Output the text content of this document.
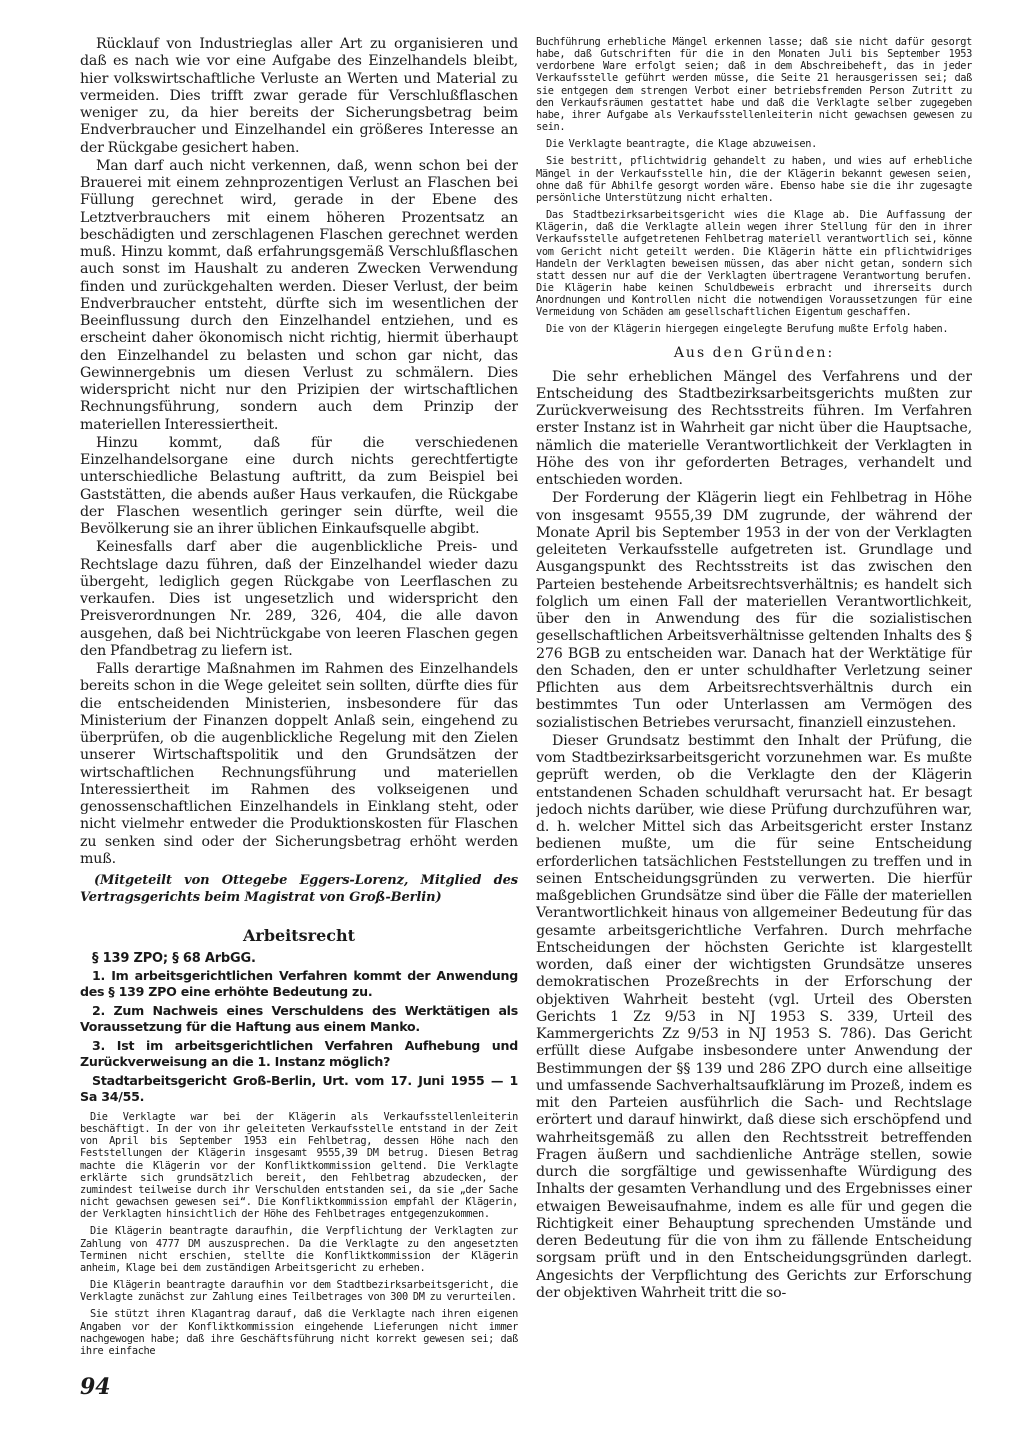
Rücklauf von Industrieglas aller Art zu organisieren und daß es nach wie vor eine Aufgabe des Einzelhandels bleibt, hier volkswirtschaftliche Verluste an Werten und Material zu vermeiden. Dies trifft zwar gerade für Verschlußflaschen weniger zu, da hier bereits der Sicherungsbetrag beim Endverbraucher und Einzelhandel ein größeres Interesse an der Rückgabe gesichert haben.

Man darf auch nicht verkennen, daß, wenn schon bei der Brauerei mit einem zehnprozentigen Verlust an Flaschen bei Füllung gerechnet wird, gerade in der Ebene des Letztverbrauchers mit einem höheren Prozentsatz an beschädigten und zerschlagenen Flaschen gerechnet werden muß. Hinzu kommt, daß erfahrungsgemäß Verschlußflaschen auch sonst im Haushalt zu anderen Zwecken Verwendung finden und zurückgehalten werden. Dieser Verlust, der beim Endverbraucher entsteht, dürfte sich im wesentlichen der Beeinflussung durch den Einzelhandel entziehen, und es erscheint daher ökonomisch nicht richtig, hiermit überhaupt den Einzelhandel zu belasten und schon gar nicht, das Gewinnergebnis um diesen Verlust zu schmälern. Dies widerspricht nicht nur den Prizipien der wirtschaftlichen Rechnungsführung, sondern auch dem Prinzip der materiellen Interessiertheit.

Hinzu kommt, daß für die verschiedenen Einzelhandelsorgane eine durch nichts gerechtfertigte unterschiedliche Belastung auftritt, da zum Beispiel bei Gaststätten, die abends außer Haus verkaufen, die Rückgabe der Flaschen wesentlich geringer sein dürfte, weil die Bevölkerung sie an ihrer üblichen Einkaufsquelle abgibt.

Keinesfalls darf aber die augenblickliche Preis- und Rechtslage dazu führen, daß der Einzelhandel wieder dazu übergeht, lediglich gegen Rückgabe von Leerflaschen zu verkaufen. Dies ist ungesetzlich und widerspricht den Preisverordnungen Nr. 289, 326, 404, die alle davon ausgehen, daß bei Nichtrückgabe von leeren Flaschen gegen den Pfandbetrag zu liefern ist.

Falls derartige Maßnahmen im Rahmen des Einzelhandels bereits schon in die Wege geleitet sein sollten, dürfte dies für die entscheidenden Ministerien, insbesondere für das Ministerium der Finanzen doppelt Anlaß sein, eingehend zu überprüfen, ob die augenblickliche Regelung mit den Zielen unserer Wirtschaftspolitik und den Grundsätzen der wirtschaftlichen Rechnungsführung und materiellen Interessiertheit im Rahmen des volkseigenen und genossenschaftlichen Einzelhandels in Einklang steht, oder nicht vielmehr entweder die Produktionskosten für Flaschen zu senken sind oder der Sicherungsbetrag erhöht werden muß.

(Mitgeteilt von Ottegebe Eggers-Lorenz, Mitglied des Vertragsgerichts beim Magistrat von Groß-Berlin)

Arbeitsrecht

§ 139 ZPO; § 68 ArbGG.

1. Im arbeitsgerichtlichen Verfahren kommt der Anwendung des § 139 ZPO eine erhöhte Bedeutung zu.

2. Zum Nachweis eines Verschuldens des Werktätigen als Voraussetzung für die Haftung aus einem Manko.

3. Ist im arbeitsgerichtlichen Verfahren Aufhebung und Zurückverweisung an die 1. Instanz möglich?

Stadtarbeitsgericht Groß-Berlin, Urt. vom 17. Juni 1955 — 1 Sa 34/55.

Die Verklagte war bei der Klägerin als Verkaufsstellenleiterin beschäftigt. In der von ihr geleiteten Verkaufsstelle entstand in der Zeit von April bis September 1953 ein Fehlbetrag, dessen Höhe nach den Feststellungen der Klägerin insgesamt 9555,39 DM betrug. Diesen Betrag machte die Klägerin vor der Konfliktkommission geltend. Die Verklagte erklärte sich grundsätzlich bereit, den Fehlbetrag abzudecken, der zumindest teilweise durch ihr Verschulden entstanden sei, da sie „der Sache nicht gewachsen gewesen sei“. Die Konfliktkommission empfahl der Klägerin, der Verklagten hinsichtlich der Höhe des Fehlbetrages entgegenzukommen.

Die Klägerin beantragte daraufhin, die Verpflichtung der Verklagten zur Zahlung von 4777 DM auszusprechen. Da die Verklagte zu den angesetzten Terminen nicht erschien, stellte die Konfliktkommission der Klägerin anheim, Klage bei dem zuständigen Arbeitsgericht zu erheben.

Die Klägerin beantragte daraufhin vor dem Stadtbezirksarbeitsgericht, die Verklagte zunächst zur Zahlung eines Teilbetrages von 300 DM zu verurteilen.

Sie stützt ihren Klagantrag darauf, daß die Verklagte nach ihren eigenen Angaben vor der Konfliktkommission eingehende Lieferungen nicht immer nachgewogen habe; daß ihre Geschäftsführung nicht korrekt gewesen sei; daß ihre einfache

Buchführung erhebliche Mängel erkennen lasse; daß sie nicht dafür gesorgt habe, daß Gutschriften für die in den Monaten Juli bis September 1953 verdorbene Ware erfolgt seien; daß in dem Abschreibeheft, das in jeder Verkaufsstelle geführt werden müsse, die Seite 21 herausgerissen sei; daß sie entgegen dem strengen Verbot einer betriebsfremden Person Zutritt zu den Verkaufsräumen gestattet habe und daß die Verklagte selber zugegeben habe, ihrer Aufgabe als Verkaufsstellenleiterin nicht gewachsen gewesen zu sein.

Die Verklagte beantragte, die Klage abzuweisen.

Sie bestritt, pflichtwidrig gehandelt zu haben, und wies auf erhebliche Mängel in der Verkaufsstelle hin, die der Klägerin bekannt gewesen seien, ohne daß für Abhilfe gesorgt worden wäre. Ebenso habe sie die ihr zugesagte persönliche Unterstützung nicht erhalten.

Das Stadtbezirksarbeitsgericht wies die Klage ab. Die Auffassung der Klägerin, daß die Verklagte allein wegen ihrer Stellung für den in ihrer Verkaufsstelle aufgetretenen Fehlbetrag materiell verantwortlich sei, könne vom Gericht nicht geteilt werden. Die Klägerin hätte ein pflichtwidriges Handeln der Verklagten beweisen müssen, das aber nicht getan, sondern sich statt dessen nur auf die der Verklagten übertragene Verantwortung berufen. Die Klägerin habe keinen Schuldbeweis erbracht und ihrerseits durch Anordnungen und Kontrollen nicht die notwendigen Voraussetzungen für eine Vermeidung von Schäden am gesellschaftlichen Eigentum geschaffen.

Die von der Klägerin hiergegen eingelegte Berufung mußte Erfolg haben.

Aus den Gründen:

Die sehr erheblichen Mängel des Verfahrens und der Entscheidung des Stadtbezirksarbeitsgerichts mußten zur Zurückverweisung des Rechtsstreits führen. Im Verfahren erster Instanz ist in Wahrheit gar nicht über die Hauptsache, nämlich die materielle Verantwortlichkeit der Verklagten in Höhe des von ihr geforderten Betrages, verhandelt und entschieden worden.

Der Forderung der Klägerin liegt ein Fehlbetrag in Höhe von insgesamt 9555,39 DM zugrunde, der während der Monate April bis September 1953 in der von der Verklagten geleiteten Verkaufsstelle aufgetreten ist. Grundlage und Ausgangspunkt des Rechtsstreits ist das zwischen den Parteien bestehende Arbeitsrechtsverhältnis; es handelt sich folglich um einen Fall der materiellen Verantwortlichkeit, über den in Anwendung des für die sozialistischen gesellschaftlichen Arbeitsverhältnisse geltenden Inhalts des § 276 BGB zu entscheiden war. Danach hat der Werktätige für den Schaden, den er unter schuldhafter Verletzung seiner Pflichten aus dem Arbeitsrechtsverhältnis durch ein bestimmtes Tun oder Unterlassen am Vermögen des sozialistischen Betriebes verursacht, finanziell einzustehen.

Dieser Grundsatz bestimmt den Inhalt der Prüfung, die vom Stadtbezirksarbeitsgericht vorzunehmen war. Es mußte geprüft werden, ob die Verklagte den der Klägerin entstandenen Schaden schuldhaft verursacht hat. Er besagt jedoch nichts darüber, wie diese Prüfung durchzuführen war, d. h. welcher Mittel sich das Arbeitsgericht erster Instanz bedienen mußte, um die für seine Entscheidung erforderlichen tatsächlichen Feststellungen zu treffen und in seinen Entscheidungsgründen zu verwerten. Die hierfür maßgeblichen Grundsätze sind über die Fälle der materiellen Verantwortlichkeit hinaus von allgemeiner Bedeutung für das gesamte arbeitsgerichtliche Verfahren. Durch mehrfache Entscheidungen der höchsten Gerichte ist klargestellt worden, daß einer der wichtigsten Grundsätze unseres demokratischen Prozeßrechts in der Erforschung der objektiven Wahrheit besteht (vgl. Urteil des Obersten Gerichts 1 Zz 9/53 in NJ 1953 S. 339, Urteil des Kammergerichts Zz 9/53 in NJ 1953 S. 786). Das Gericht erfüllt diese Aufgabe insbesondere unter Anwendung der Bestimmungen der §§ 139 und 286 ZPO durch eine allseitige und umfassende Sachverhaltsaufklärung im Prozeß, indem es mit den Parteien ausführlich die Sach- und Rechtslage erörtert und darauf hinwirkt, daß diese sich erschöpfend und wahrheitsgemäß zu allen den Rechtsstreit betreffenden Fragen äußern und sachdienliche Anträge stellen, sowie durch die sorgfältige und gewissenhafte Würdigung des Inhalts der gesamten Verhandlung und des Ergebnisses einer etwaigen Beweisaufnahme, indem es alle für und gegen die Richtigkeit einer Behauptung sprechenden Umstände und deren Bedeutung für die von ihm zu fällende Entscheidung sorgsam prüft und in den Entscheidungsgründen darlegt. Angesichts der Verpflichtung des Gerichts zur Erforschung der objektiven Wahrheit tritt die so-

94
